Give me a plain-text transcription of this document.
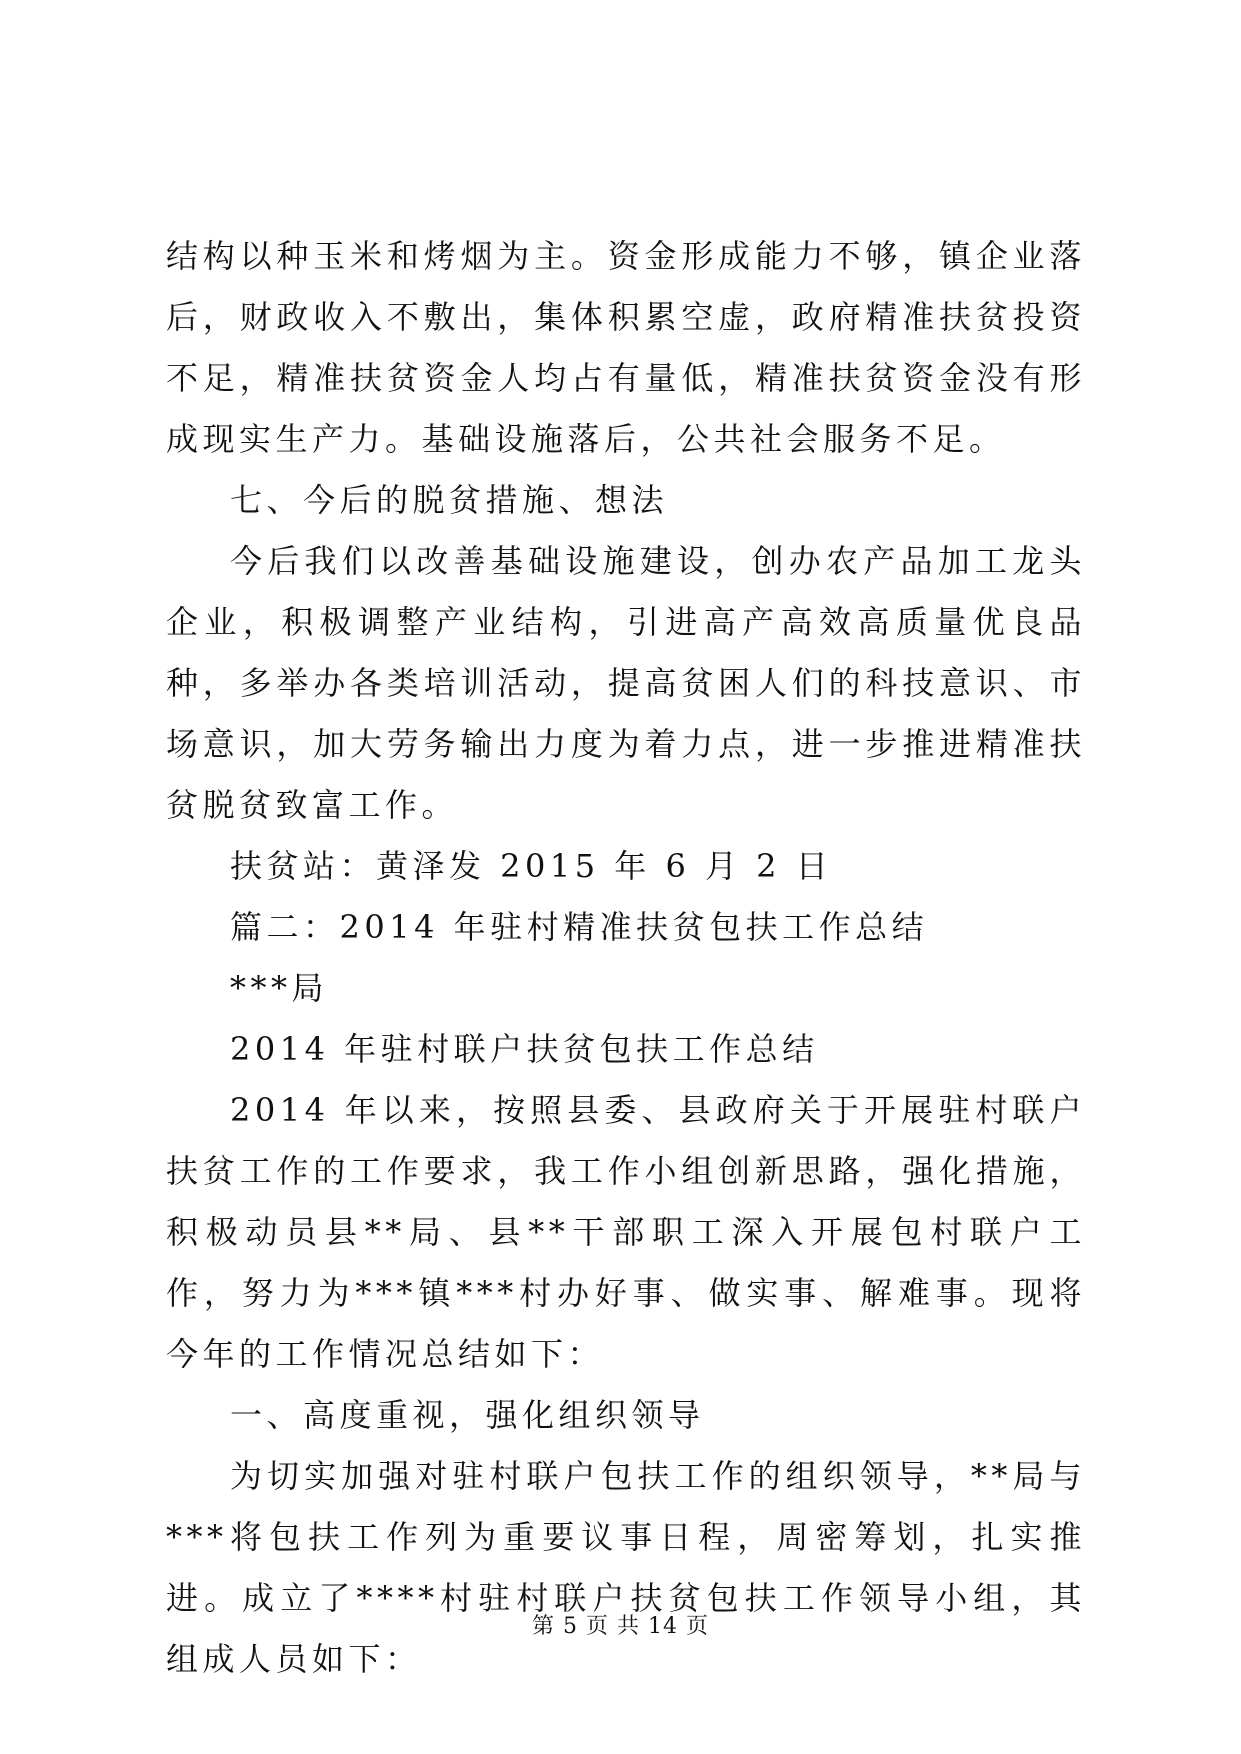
结构以种玉米和烤烟为主。资金形成能力不够，镇企业落后，财政收入不敷出，集体积累空虚，政府精准扶贫投资不足，精准扶贫资金人均占有量低，精准扶贫资金没有形成现实生产力。基础设施落后，公共社会服务不足。

七、今后的脱贫措施、想法

今后我们以改善基础设施建设，创办农产品加工龙头企业，积极调整产业结构，引进高产高效高质量优良品种，多举办各类培训活动，提高贫困人们的科技意识、市场意识，加大劳务输出力度为着力点，进一步推进精准扶贫脱贫致富工作。

扶贫站：黄泽发 2015 年 6 月 2 日

篇二：2014 年驻村精准扶贫包扶工作总结

***局

2014 年驻村联户扶贫包扶工作总结

2014 年以来，按照县委、县政府关于开展驻村联户扶贫工作的工作要求，我工作小组创新思路，强化措施，积极动员县**局、县**干部职工深入开展包村联户工作，努力为***镇***村办好事、做实事、解难事。现将今年的工作情况总结如下：

一、高度重视，强化组织领导

为切实加强对驻村联户包扶工作的组织领导，**局与***将包扶工作列为重要议事日程，周密筹划，扎实推进。成立了****村驻村联户扶贫包扶工作领导小组，其组成人员如下：

第 5 页 共 14 页
